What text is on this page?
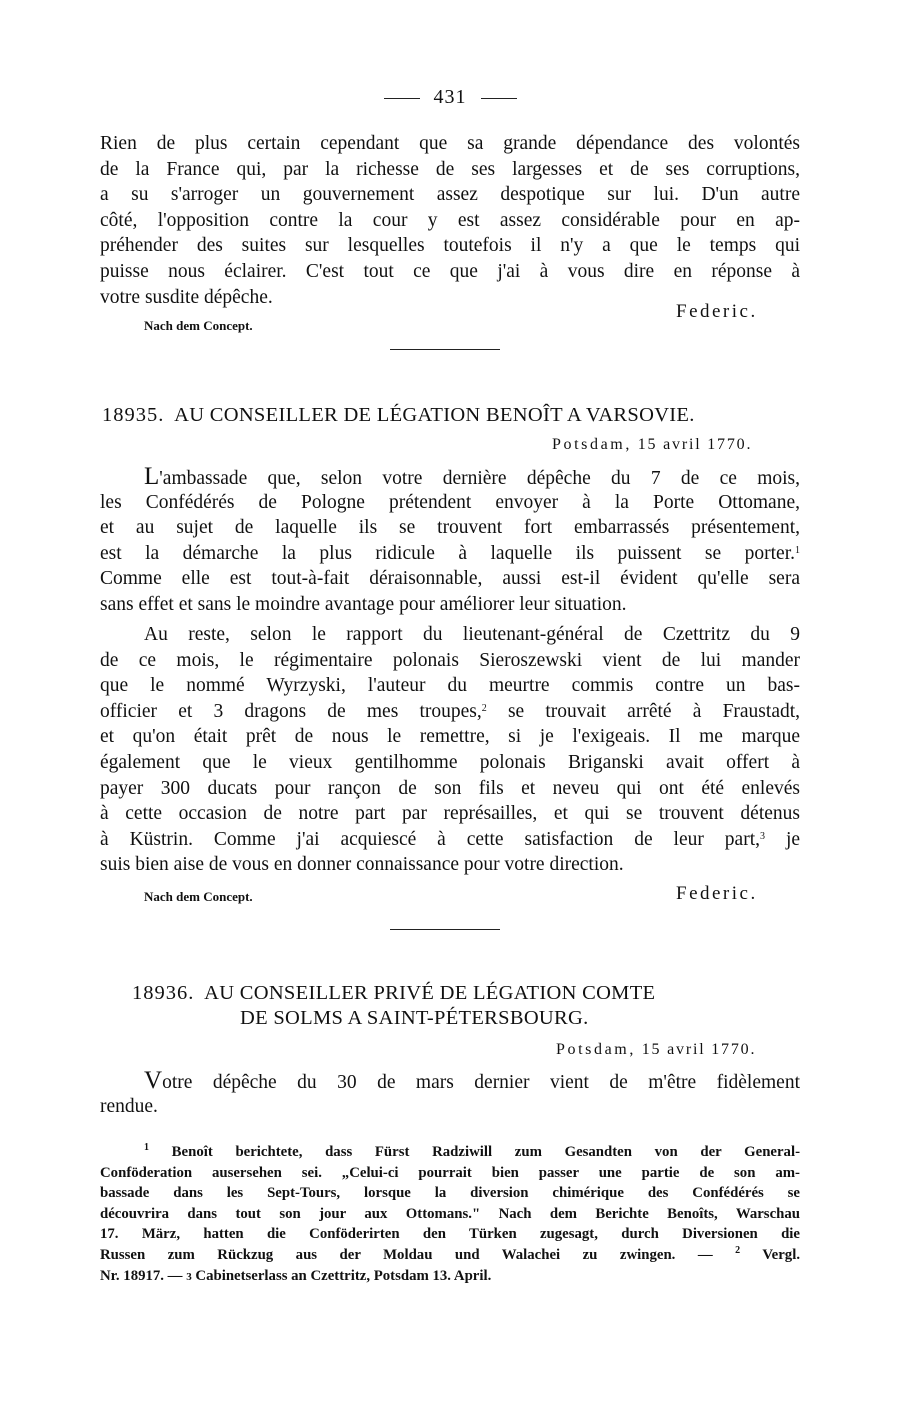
431
Rien de plus certain cependant que sa grande dépendance des volontés
de la France qui, par la richesse de ses largesses et de ses corruptions,
a su s'arroger un gouvernement assez despotique sur lui. D'un autre
côté, l'opposition contre la cour y est assez considérable pour en ap-
préhender des suites sur lesquelles toutefois il n'y a que le temps qui
puisse nous éclairer. C'est tout ce que j'ai à vous dire en réponse à
votre susdite dépêche.
Nach dem Concept.
Federic.
18935. AU CONSEILLER DE LÉGATION BENOÎT A VARSOVIE.
Potsdam, 15 avril 1770.
L'ambassade que, selon votre dernière dépêche du 7 de ce mois,
les Confédérés de Pologne prétendent envoyer à la Porte Ottomane,
et au sujet de laquelle ils se trouvent fort embarrassés présentement,
est la démarche la plus ridicule à laquelle ils puissent se porter.$^1$
Comme elle est tout-à-fait déraisonnable, aussi est-il évident qu'elle sera
sans effet et sans le moindre avantage pour améliorer leur situation.
Au reste, selon le rapport du lieutenant-général de Czettritz du 9
de ce mois, le régimentaire polonais Sieroszewski vient de lui mander
que le nommé Wyrzyski, l'auteur du meurtre commis contre un bas-
officier et 3 dragons de mes troupes,$^2$ se trouvait arrêté à Fraustadt,
et qu'on était prêt de nous le remettre, si je l'exigeais. Il me marque
également que le vieux gentilhomme polonais Briganski avait offert à
payer 300 ducats pour rançon de son fils et neveu qui ont été enlevés
à cette occasion de notre part par représailles, et qui se trouvent détenus
à Küstrin. Comme j'ai acquiescé à cette satisfaction de leur part,$^3$ je
suis bien aise de vous en donner connaissance pour votre direction.
Nach dem Concept.	Federic.
18936. AU CONSEILLER PRIVÉ DE LÉGATION COMTE
DE SOLMS A SAINT-PÉTERSBOURG.
Potsdam, 15 avril 1770.
Votre dépêche du 30 de mars dernier vient de m'être fidèlement
rendue.
$^1$ Benoît berichtete, dass Fürst Radziwill zum Gesandten von der General-
Conföderation ausersehen sei. „Celui-ci pourrait bien passer une partie de son am-
bassade dans les Sept-Tours, lorsque la diversion chimérique des Confédérés se
découvrira dans tout son jour aux Ottomans." Nach dem Berichte Benoîts, Warschau
17. März, hatten die Conföderirten den Türken zugesagt, durch Diversionen die
Russen zum Rückzug aus der Moldau und Walachei zu zwingen. — $^2$ Vergl.
Nr. 18917. — 3 Cabinetserlass an Czettritz, Potsdam 13. April.
